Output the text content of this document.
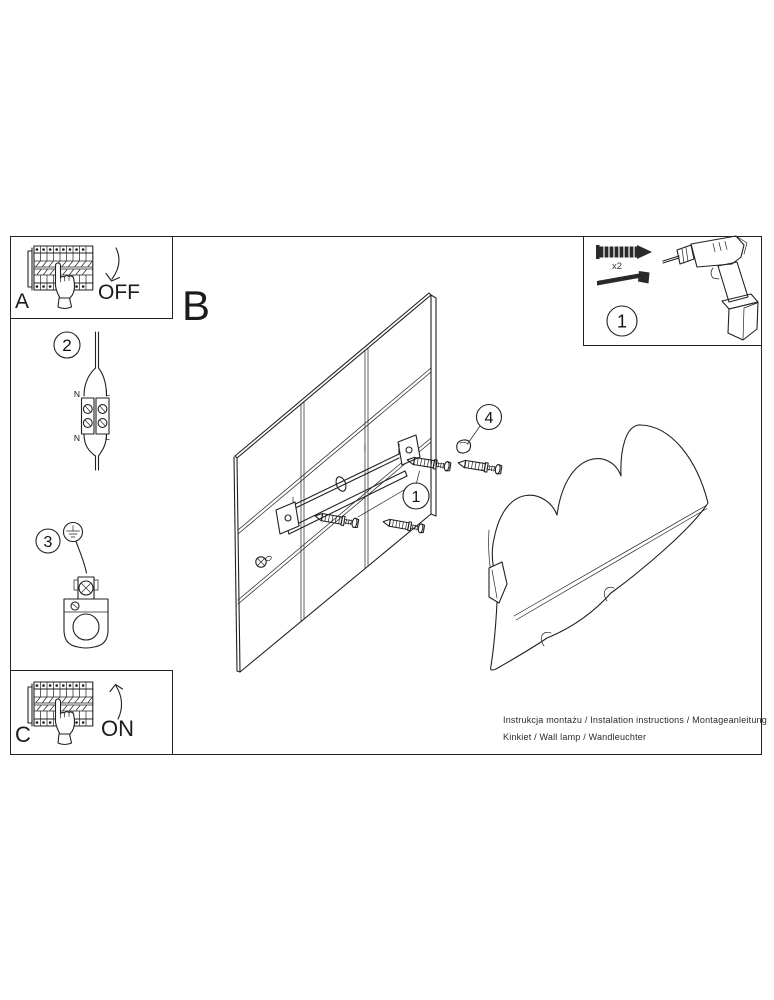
A	OFF B
C	ON
x2
Instrukcja montażu / Instalation instructions / Montageanleitung
Kinkiet / Wall lamp / Wandleuchter
N	L
N	L
2
3
1
4
1
